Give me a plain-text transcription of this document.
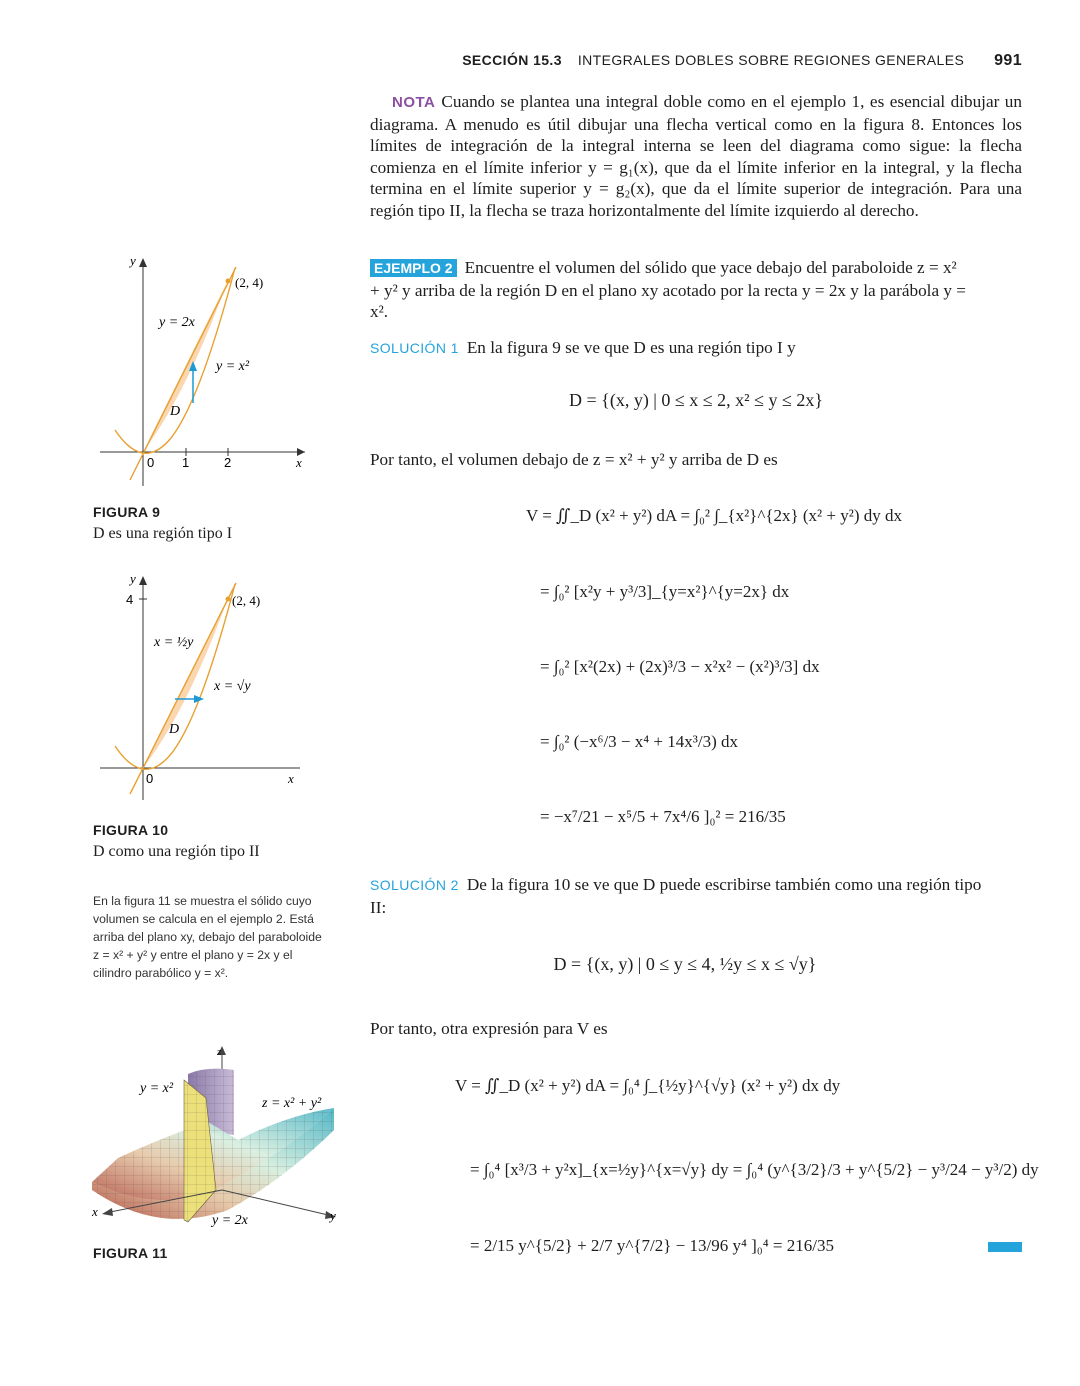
SECCIÓN 15.3 INTEGRALES DOBLES SOBRE REGIONES GENERALES 991
NOTA Cuando se plantea una integral doble como en el ejemplo 1, es esencial dibujar un diagrama. A menudo es útil dibujar una flecha vertical como en la figura 8. Entonces los límites de integración de la integral interna se leen del diagrama como sigue: la flecha comienza en el límite inferior y = g₁(x), que da el límite inferior en la integral, y la flecha termina en el límite superior y = g₂(x), que da el límite superior de integración. Para una región tipo II, la flecha se traza horizontalmente del límite izquierdo al derecho.
EJEMPLO 2 Encuentre el volumen del sólido que yace debajo del paraboloide z = x² + y² y arriba de la región D en el plano xy acotado por la recta y = 2x y la parábola y = x².
SOLUCIÓN 1 En la figura 9 se ve que D es una región tipo I y
D = {(x, y) | 0 ≤ x ≤ 2, x² ≤ y ≤ 2x}
Por tanto, el volumen debajo de z = x² + y² y arriba de D es
V = ∬_D (x² + y²) dA = ∫₀² ∫_{x²}^{2x} (x² + y²) dy dx
= ∫₀² [x²y + y³/3]_{y=x²}^{y=2x} dx
= ∫₀² [x²(2x) + (2x)³/3 − x²x² − (x²)³/3] dx
= ∫₀² (−x⁶/3 − x⁴ + 14x³/3) dx
= −x⁷/21 − x⁵/5 + 7x⁴/6 ]₀² = 216/35
SOLUCIÓN 2 De la figura 10 se ve que D puede escribirse también como una región tipo II:
D = {(x, y) | 0 ≤ y ≤ 4, ½y ≤ x ≤ √y}
Por tanto, otra expresión para V es
V = ∬_D (x² + y²) dA = ∫₀⁴ ∫_{½y}^{√y} (x² + y²) dx dy
= ∫₀⁴ [x³/3 + y²x]_{x=½y}^{x=√y} dy = ∫₀⁴ (y^{3/2}/3 + y^{5/2} − y³/24 − y³/2) dy
= 2/15 y^{5/2} + 2/7 y^{7/2} − 13/96 y⁴ ]₀⁴ = 216/35
(2, 4)
y = 2x
y = x²
D
x
y
0 1	2
FIGURA 9
D es una región tipo I
(2, 4)
x = ½y
x = √y
D
x
y
0
4
FIGURA 10
D como una región tipo II
En la figura 11 se muestra el sólido cuyo volumen se calcula en el ejemplo 2. Está arriba del plano xy, debajo del paraboloide z = x² + y² y entre el plano y = 2x y el cilindro parabólico y = x².
y = x²
z = x² + y²
y = 2x
x	y
z
FIGURA 11
